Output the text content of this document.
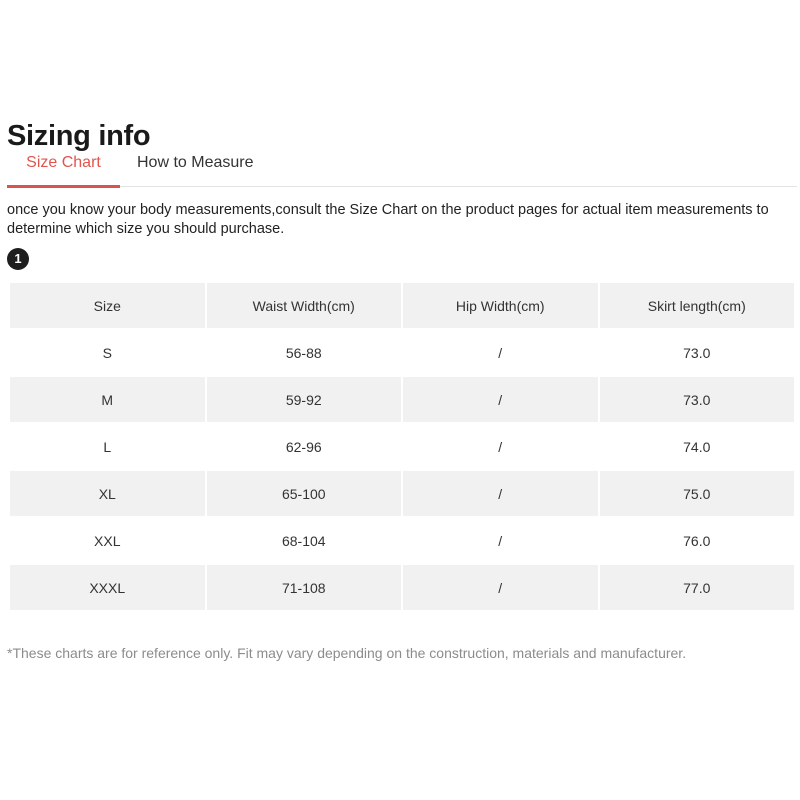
Sizing info
Size Chart	How to Measure
once you know your body measurements,consult the Size Chart on the product pages for actual item measurements to determine which size you should purchase.
1
Size	Waist Width(cm)	Hip Width(cm)	Skirt length(cm)
S	56-88	/	73.0
M	59-92	/	73.0
L	62-96	/	74.0
XL	65-100	/	75.0
XXL	68-104	/	76.0
XXXL	71-108	/	77.0
*These charts are for reference only. Fit may vary depending on the construction, materials and manufacturer.
